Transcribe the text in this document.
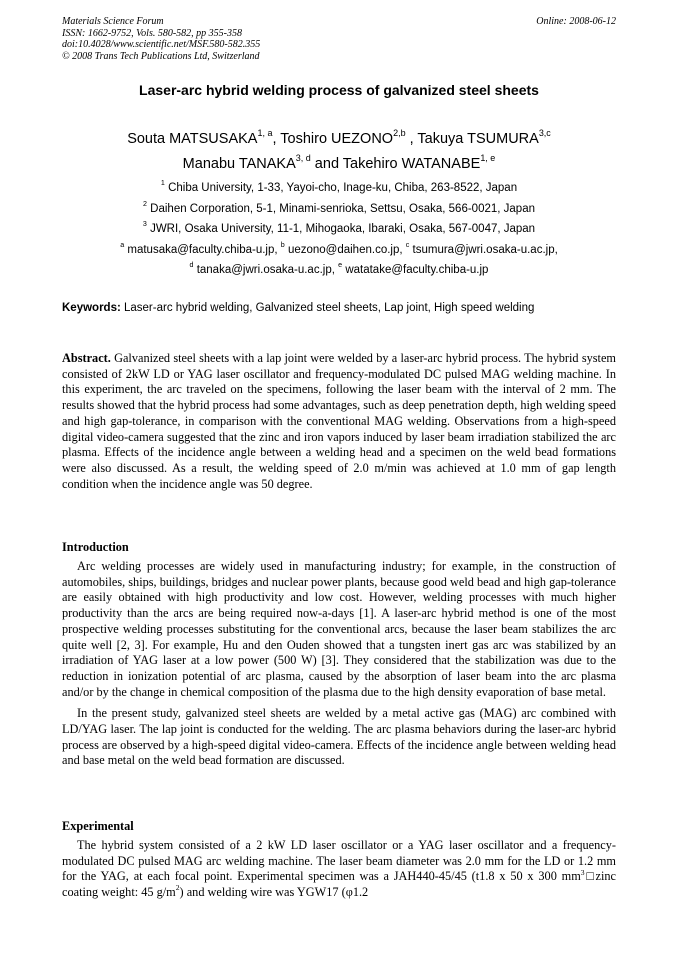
Materials Science Forum
ISSN: 1662-9752, Vols. 580-582, pp 355-358
doi:10.4028/www.scientific.net/MSF.580-582.355
© 2008 Trans Tech Publications Ltd, Switzerland
Online: 2008-06-12
Laser-arc hybrid welding process of galvanized steel sheets
Souta MATSUSAKA$^{1, a}$, Toshiro UEZONO$^{2,b}$ , Takuya TSUMURA$^{3,c}$
Manabu TANAKA$^{3, d}$ and Takehiro WATANABE$^{1, e}$
$^1$ Chiba University, 1-33, Yayoi-cho, Inage-ku, Chiba, 263-8522, Japan
$^2$ Daihen Corporation, 5-1, Minami-senrioka, Settsu, Osaka, 566-0021, Japan
$^3$ JWRI, Osaka University, 11-1, Mihogaoka, Ibaraki, Osaka, 567-0047, Japan
$^a$ matusaka@faculty.chiba-u.jp, $^b$ uezono@daihen.co.jp, $^c$ tsumura@jwri.osaka-u.ac.jp,
$^d$ tanaka@jwri.osaka-u.ac.jp, $^e$ watatake@faculty.chiba-u.jp
Keywords: Laser-arc hybrid welding, Galvanized steel sheets, Lap joint, High speed welding
Abstract. Galvanized steel sheets with a lap joint were welded by a laser-arc hybrid process. The hybrid system consisted of 2kW LD or YAG laser oscillator and frequency-modulated DC pulsed MAG welding machine. In this experiment, the arc traveled on the specimens, following the laser beam with the interval of 2 mm. The results showed that the hybrid process had some advantages, such as deep penetration depth, high welding speed and high gap-tolerance, in comparison with the conventional MAG welding. Observations from a high-speed digital video-camera suggested that the zinc and iron vapors induced by laser beam irradiation stabilized the arc plasma. Effects of the incidence angle between a welding head and a specimen on the weld bead formations were also discussed. As a result, the welding speed of 2.0 m/min was achieved at 1.0 mm of gap length condition when the incidence angle was 50 degree.
Introduction

Arc welding processes are widely used in manufacturing industry; for example, in the construction of automobiles, ships, buildings, bridges and nuclear power plants, because good weld bead and high gap-tolerance are easily obtained with high productivity and low cost. However, welding processes with much higher productivity than the arcs are being required now-a-days [1]. A laser-arc hybrid method is one of the most prospective welding processes substituting for the conventional arcs, because the laser beam stabilizes the arc quite well [2, 3]. For example, Hu and den Ouden showed that a tungsten inert gas arc was stabilized by an irradiation of YAG laser at a low power (500 W) [3]. They considered that the stabilization was due to the reduction in ionization potential of arc plasma, caused by the absorption of laser beam into the arc plasma and/or by the change in chemical composition of the plasma due to the high density evaporation of base metal.

In the present study, galvanized steel sheets are welded by a metal active gas (MAG) arc combined with LD/YAG laser. The lap joint is conducted for the welding. The arc plasma behaviors during the laser-arc hybrid process are observed by a high-speed digital video-camera. Effects of the incidence angle between welding head and base metal on the weld bead formation are discussed.

Experimental

The hybrid system consisted of a 2 kW LD laser oscillator or a YAG laser oscillator and a frequency-modulated DC pulsed MAG arc welding machine. The laser beam diameter was 2.0 mm for the LD or 1.2 mm for the YAG, at each focal point. Experimental specimen was a JAH440-45/45 (t1.8 x 50 x 300 $mm^3□zinc$ coating weight: 45 $g/m^2$) and welding wire was YGW17 (φ1.2
